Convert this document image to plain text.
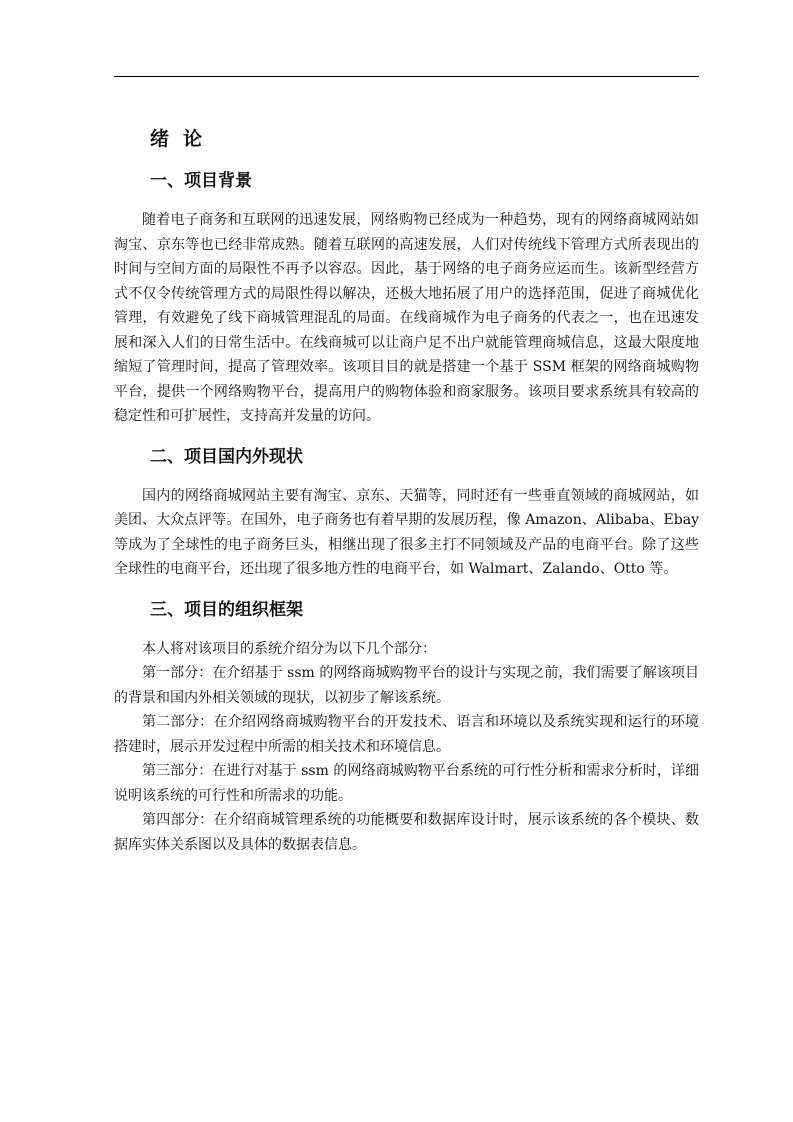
绪论
一、项目背景

随着电子商务和互联网的迅速发展，网络购物已经成为一种趋势，现有的网络商城网站如淘宝、京东等也已经非常成熟。随着互联网的高速发展，人们对传统线下管理方式所表现出的时间与空间方面的局限性不再予以容忍。因此，基于网络的电子商务应运而生。该新型经营方式不仅令传统管理方式的局限性得以解决，还极大地拓展了用户的选择范围，促进了商城优化管理，有效避免了线下商城管理混乱的局面。在线商城作为电子商务的代表之一，也在迅速发展和深入人们的日常生活中。在线商城可以让商户足不出户就能管理商城信息，这最大限度地缩短了管理时间，提高了管理效率。该项目目的就是搭建一个基于 SSM 框架的网络商城购物平台，提供一个网络购物平台，提高用户的购物体验和商家服务。该项目要求系统具有较高的稳定性和可扩展性，支持高并发量的访问。

二、项目国内外现状

国内的网络商城网站主要有淘宝、京东、天猫等，同时还有一些垂直领域的商城网站，如美团、大众点评等。在国外，电子商务也有着早期的发展历程，像 Amazon、Alibaba、Ebay 等成为了全球性的电子商务巨头，相继出现了很多主打不同领域及产品的电商平台。除了这些全球性的电商平台，还出现了很多地方性的电商平台，如 Walmart、Zalando、Otto 等。

三、项目的组织框架

本人将对该项目的系统介绍分为以下几个部分：

第一部分：在介绍基于 ssm 的网络商城购物平台的设计与实现之前，我们需要了解该项目的背景和国内外相关领域的现状，以初步了解该系统。

第二部分：在介绍网络商城购物平台的开发技术、语言和环境以及系统实现和运行的环境搭建时，展示开发过程中所需的相关技术和环境信息。

第三部分：在进行对基于 ssm 的网络商城购物平台系统的可行性分析和需求分析时，详细说明该系统的可行性和所需求的功能。

第四部分：在介绍商城管理系统的功能概要和数据库设计时，展示该系统的各个模块、数据库实体关系图以及具体的数据表信息。
